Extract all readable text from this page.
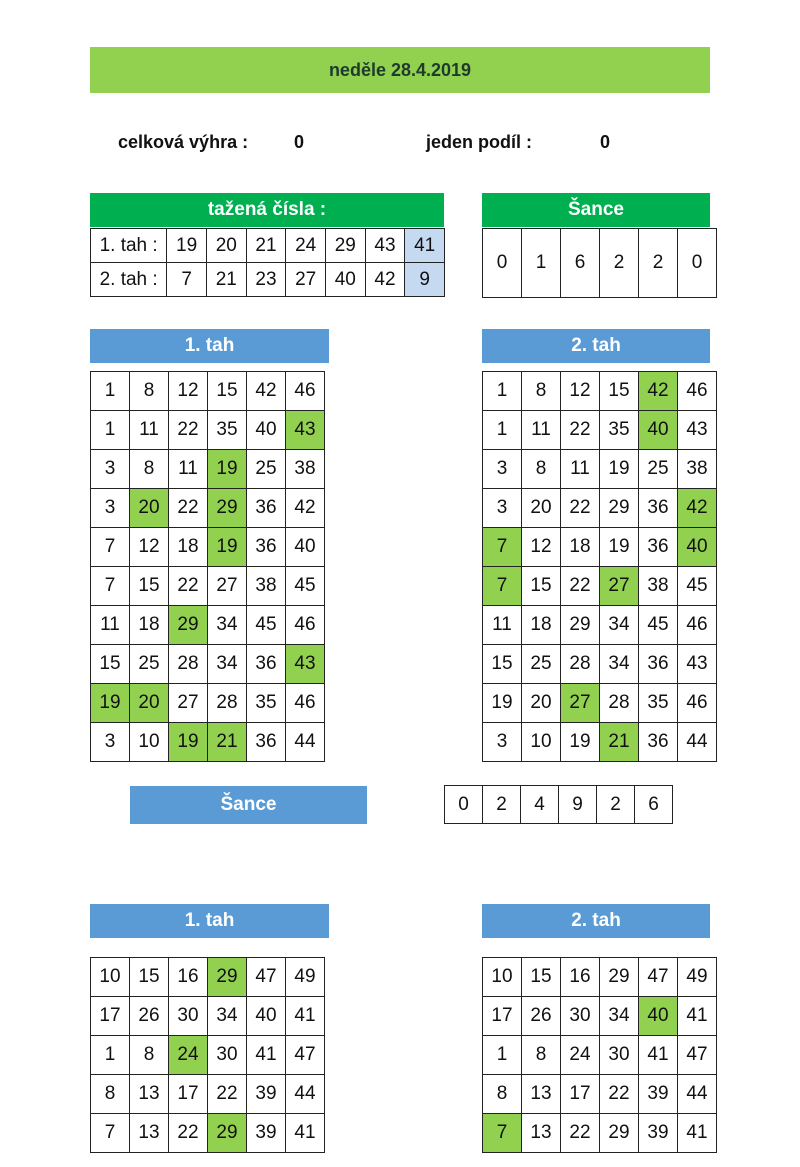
neděle 28.4.2019
celková výhra :	0	jeden podíl :	0
tažená čísla :
1. tah :	19	20	21	24	29	43	41
2. tah :	7	21	23	27	40	42	9
Šance
0	1	6	2	2	0
1. tah
1	8	12	15	42	46
1	11	22	35	40	43
3	8	11	19	25	38
3	20	22	29	36	42
7	12	18	19	36	40
7	15	22	27	38	45
11	18	29	34	45	46
15	25	28	34	36	43
19	20	27	28	35	46
3	10	19	21	36	44
2. tah
1	8	12	15	42	46
1	11	22	35	40	43
3	8	11	19	25	38
3	20	22	29	36	42
7	12	18	19	36	40
7	15	22	27	38	45
11	18	29	34	45	46
15	25	28	34	36	43
19	20	27	28	35	46
3	10	19	21	36	44
Šance	0	2	4	9	2	6
1. tah
10	15	16	29	47	49
17	26	30	34	40	41
1	8	24	30	41	47
8	13	17	22	39	44
7	13	22	29	39	41
2. tah
10	15	16	29	47	49
17	26	30	34	40	41
1	8	24	30	41	47
8	13	17	22	39	44
7	13	22	29	39	41
